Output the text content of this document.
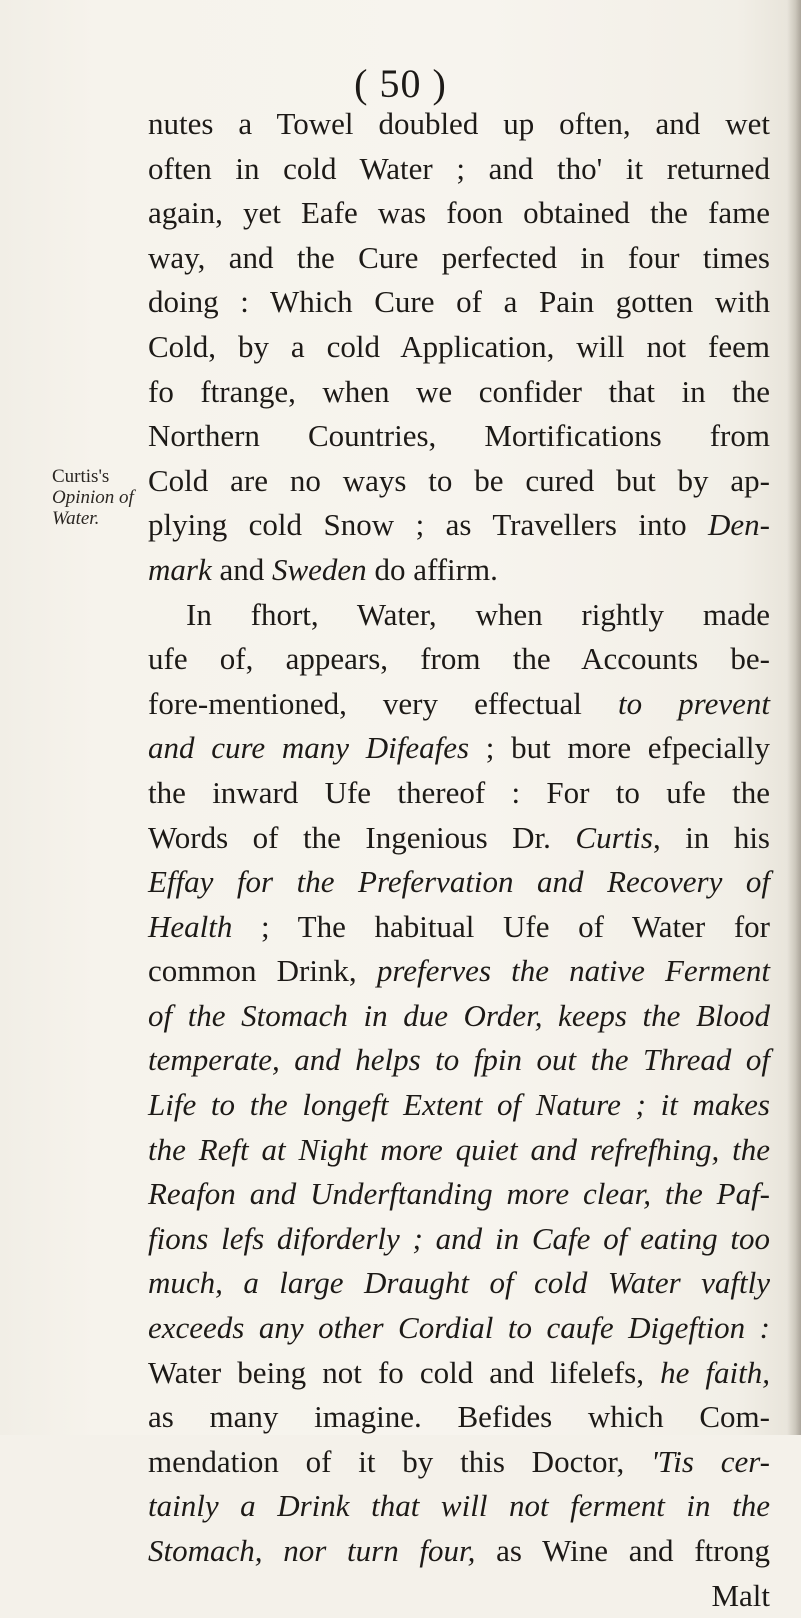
( 50 )
Curtis's
Opinion of
Water.
nutes a Towel doubled up often, and wet
often in cold Water ; and tho' it returned
again, yet Eafe was foon obtained the fame
way, and the Cure perfected in four times
doing : Which Cure of a Pain gotten with
Cold, by a cold Application, will not feem
fo ftrange, when we confider that in the
Northern Countries, Mortifications from
Cold are no ways to be cured but by ap-
plying cold Snow ; as Travellers into Den-
mark and Sweden do affirm.
In fhort, Water, when rightly made
ufe of, appears, from the Accounts be-
fore-mentioned, very effectual to prevent
and cure many Difeafes ; but more efpecially
the inward Ufe thereof : For to ufe the
Words of the Ingenious Dr. Curtis, in his
Effay for the Prefervation and Recovery of
Health ; The habitual Ufe of Water for
common Drink, preferves the native Ferment
of the Stomach in due Order, keeps the Blood
temperate, and helps to fpin out the Thread of
Life to the longeft Extent of Nature ; it makes
the Reft at Night more quiet and refrefhing, the
Reafon and Underftanding more clear, the Paf-
fions lefs diforderly ; and in Cafe of eating too
much, a large Draught of cold Water vaftly
exceeds any other Cordial to caufe Digeftion :
Water being not fo cold and lifelefs, he faith,
as many imagine. Befides which Com-
mendation of it by this Doctor, 'Tis cer-
tainly a Drink that will not ferment in the
Stomach, nor turn four, as Wine and ftrong
Malt
